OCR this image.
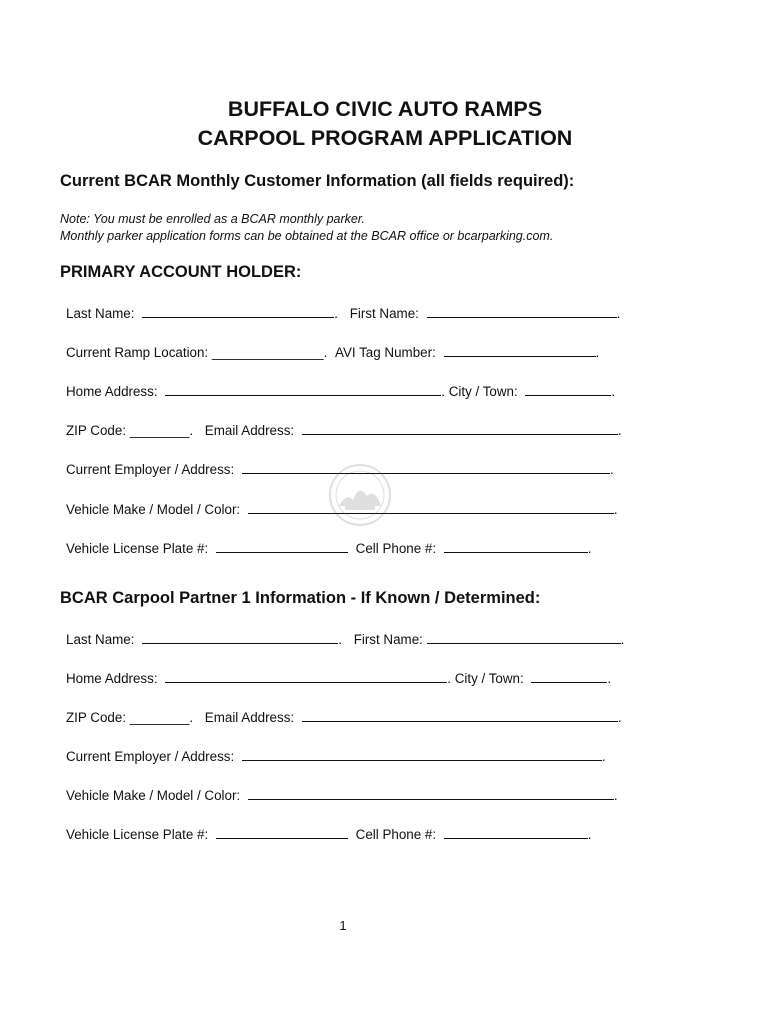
BUFFALO CIVIC AUTO RAMPS
CARPOOL PROGRAM APPLICATION
Current BCAR Monthly Customer Information (all fields required):
Note: You must be enrolled as a BCAR monthly parker.
Monthly parker application forms can be obtained at the BCAR office or bcarparking.com.
PRIMARY ACCOUNT HOLDER:
Last Name:	. First Name:	.
Current Ramp Location: _______________. AVI Tag Number:	.
Home Address:	. City / Town:	.
ZIP Code: ________. Email Address:	.
Current Employer / Address:	.
Vehicle Make / Model / Color:	.
Vehicle License Plate #:	Cell Phone #:	.
BCAR Carpool Partner 1 Information - If Known / Determined:
Last Name:	. First Name:	.
Home Address:	. City / Town:	.
ZIP Code: ________. Email Address:	.
Current Employer / Address:	.
Vehicle Make / Model / Color:	.
Vehicle License Plate #:	Cell Phone #:	.
1
